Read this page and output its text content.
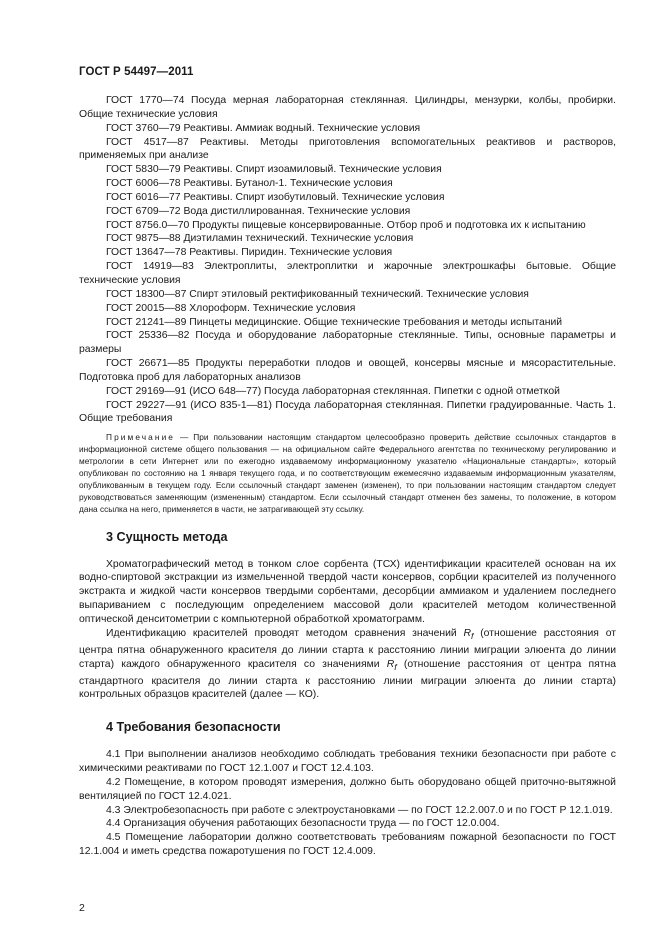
ГОСТ Р 54497—2011

ГОСТ 1770—74 Посуда мерная лабораторная стеклянная. Цилиндры, мензурки, колбы, пробирки. Общие технические условия

ГОСТ 3760—79 Реактивы. Аммиак водный. Технические условия

ГОСТ 4517—87 Реактивы. Методы приготовления вспомогательных реактивов и растворов, применяемых при анализе

ГОСТ 5830—79 Реактивы. Спирт изоамиловый. Технические условия

ГОСТ 6006—78 Реактивы. Бутанол-1. Технические условия

ГОСТ 6016—77 Реактивы. Спирт изобутиловый. Технические условия

ГОСТ 6709—72 Вода дистиллированная. Технические условия

ГОСТ 8756.0—70 Продукты пищевые консервированные. Отбор проб и подготовка их к испытанию

ГОСТ 9875—88 Диэтиламин технический. Технические условия

ГОСТ 13647—78 Реактивы. Пиридин. Технические условия

ГОСТ 14919—83 Электроплиты, электроплитки и жарочные электрошкафы бытовые. Общие технические условия

ГОСТ 18300—87 Спирт этиловый ректификованный технический. Технические условия

ГОСТ 20015—88 Хлороформ. Технические условия

ГОСТ 21241—89 Пинцеты медицинские. Общие технические требования и методы испытаний

ГОСТ 25336—82 Посуда и оборудование лабораторные стеклянные. Типы, основные параметры и размеры

ГОСТ 26671—85 Продукты переработки плодов и овощей, консервы мясные и мясорастительные. Подготовка проб для лабораторных анализов

ГОСТ 29169—91 (ИСО 648—77) Посуда лабораторная стеклянная. Пипетки с одной отметкой

ГОСТ 29227—91 (ИСО 835-1—81) Посуда лабораторная стеклянная. Пипетки градуированные. Часть 1. Общие требования

Примечание — При пользовании настоящим стандартом целесообразно проверить действие ссылочных стандартов в информационной системе общего пользования — на официальном сайте Федерального агентства по техническому регулированию и метрологии в сети Интернет или по ежегодно издаваемому информационному указателю «Национальные стандарты», который опубликован по состоянию на 1 января текущего года, и по соответствующим ежемесячно издаваемым информационным указателям, опубликованным в текущем году. Если ссылочный стандарт заменен (изменен), то при пользовании настоящим стандартом следует руководствоваться заменяющим (измененным) стандартом. Если ссылочный стандарт отменен без замены, то положение, в котором дана ссылка на него, применяется в части, не затрагивающей эту ссылку.

3 Сущность метода

Хроматографический метод в тонком слое сорбента (ТСХ) идентификации красителей основан на их водно-спиртовой экстракции из измельченной твердой части консервов, сорбции красителей из полученного экстракта и жидкой части консервов твердыми сорбентами, десорбции аммиаком и удалением последнего выпариванием с последующим определением массовой доли красителей методом количественной оптической денситометрии с компьютерной обработкой хроматограмм.

Идентификацию красителей проводят методом сравнения значений $R_f$ (отношение расстояния от центра пятна обнаруженного красителя до линии старта к расстоянию линии миграции элюента до линии старта) каждого обнаруженного красителя со значениями $R_f$ (отношение расстояния от центра пятна стандартного красителя до линии старта к расстоянию линии миграции элюента до линии старта) контрольных образцов красителей (далее — КО).

4 Требования безопасности

4.1 При выполнении анализов необходимо соблюдать требования техники безопасности при работе с химическими реактивами по ГОСТ 12.1.007 и ГОСТ 12.4.103.

4.2 Помещение, в котором проводят измерения, должно быть оборудовано общей приточно-вытяжной вентиляцией по ГОСТ 12.4.021.

4.3 Электробезопасность при работе с электроустановками — по ГОСТ 12.2.007.0 и по ГОСТ Р 12.1.019.

4.4 Организация обучения работающих безопасности труда — по ГОСТ 12.0.004.

4.5 Помещение лаборатории должно соответствовать требованиям пожарной безопасности по ГОСТ 12.1.004 и иметь средства пожаротушения по ГОСТ 12.4.009.

2
